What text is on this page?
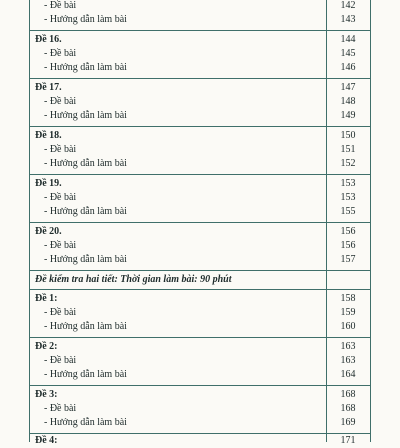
- Đề bài	142
- Hướng dẫn làm bài	143
Đề 16.	144
- Đề bài	145
- Hướng dẫn làm bài	146
Đề 17.	147
- Đề bài	148
- Hướng dẫn làm bài	149
Đề 18.	150
- Đề bài	151
- Hướng dẫn làm bài	152
Đề 19.	153
- Đề bài	153
- Hướng dẫn làm bài	155
Đề 20.	156
- Đề bài	156
- Hướng dẫn làm bài	157
Đề kiểm tra hai tiết: Thời gian làm bài: 90 phút
Đề 1:	158
- Đề bài	159
- Hướng dẫn làm bài	160
Đề 2:	163
- Đề bài	163
- Hướng dẫn làm bài	164
Đề 3:	168
- Đề bài	168
- Hướng dẫn làm bài	169
Đề 4:	171
